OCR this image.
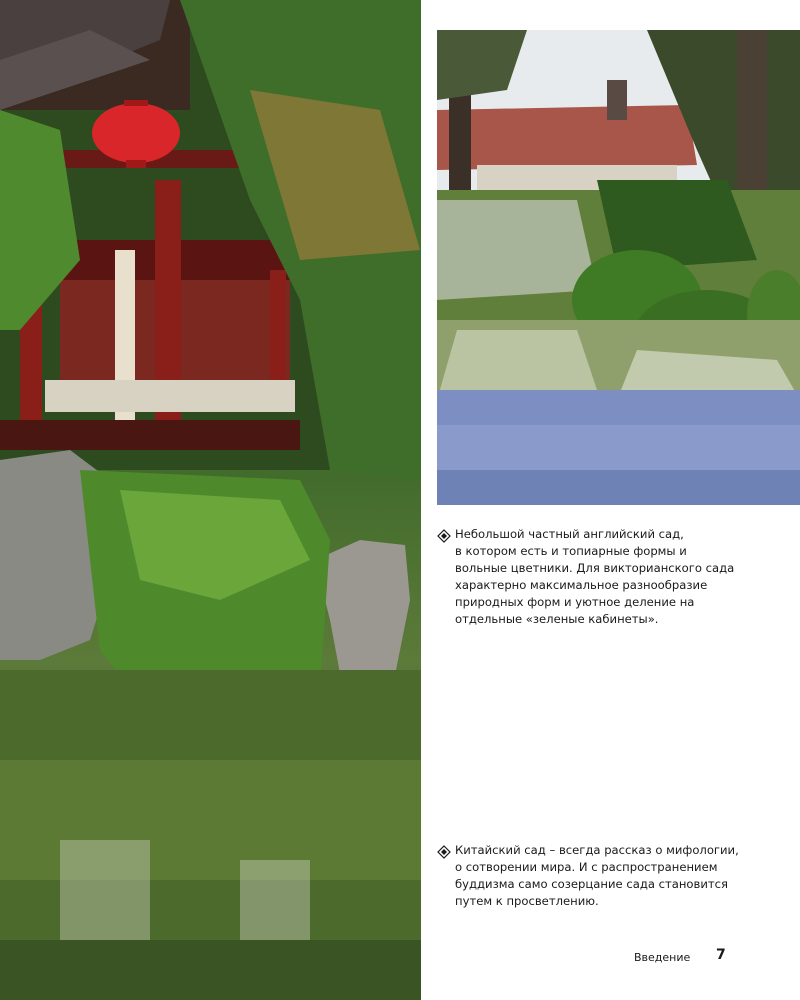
Небольшой частный английский сад,
в котором есть и топиарные формы и
вольные цветники. Для викторианского сада
характерно максимальное разнообразие
природных форм и уютное деление на
отдельные «зеленые кабинеты».

Китайский сад – всегда рассказ о мифологии,
о сотворении мира. И с распространением
буддизма само созерцание сада становится
путем к просветлению.

Введение 7
